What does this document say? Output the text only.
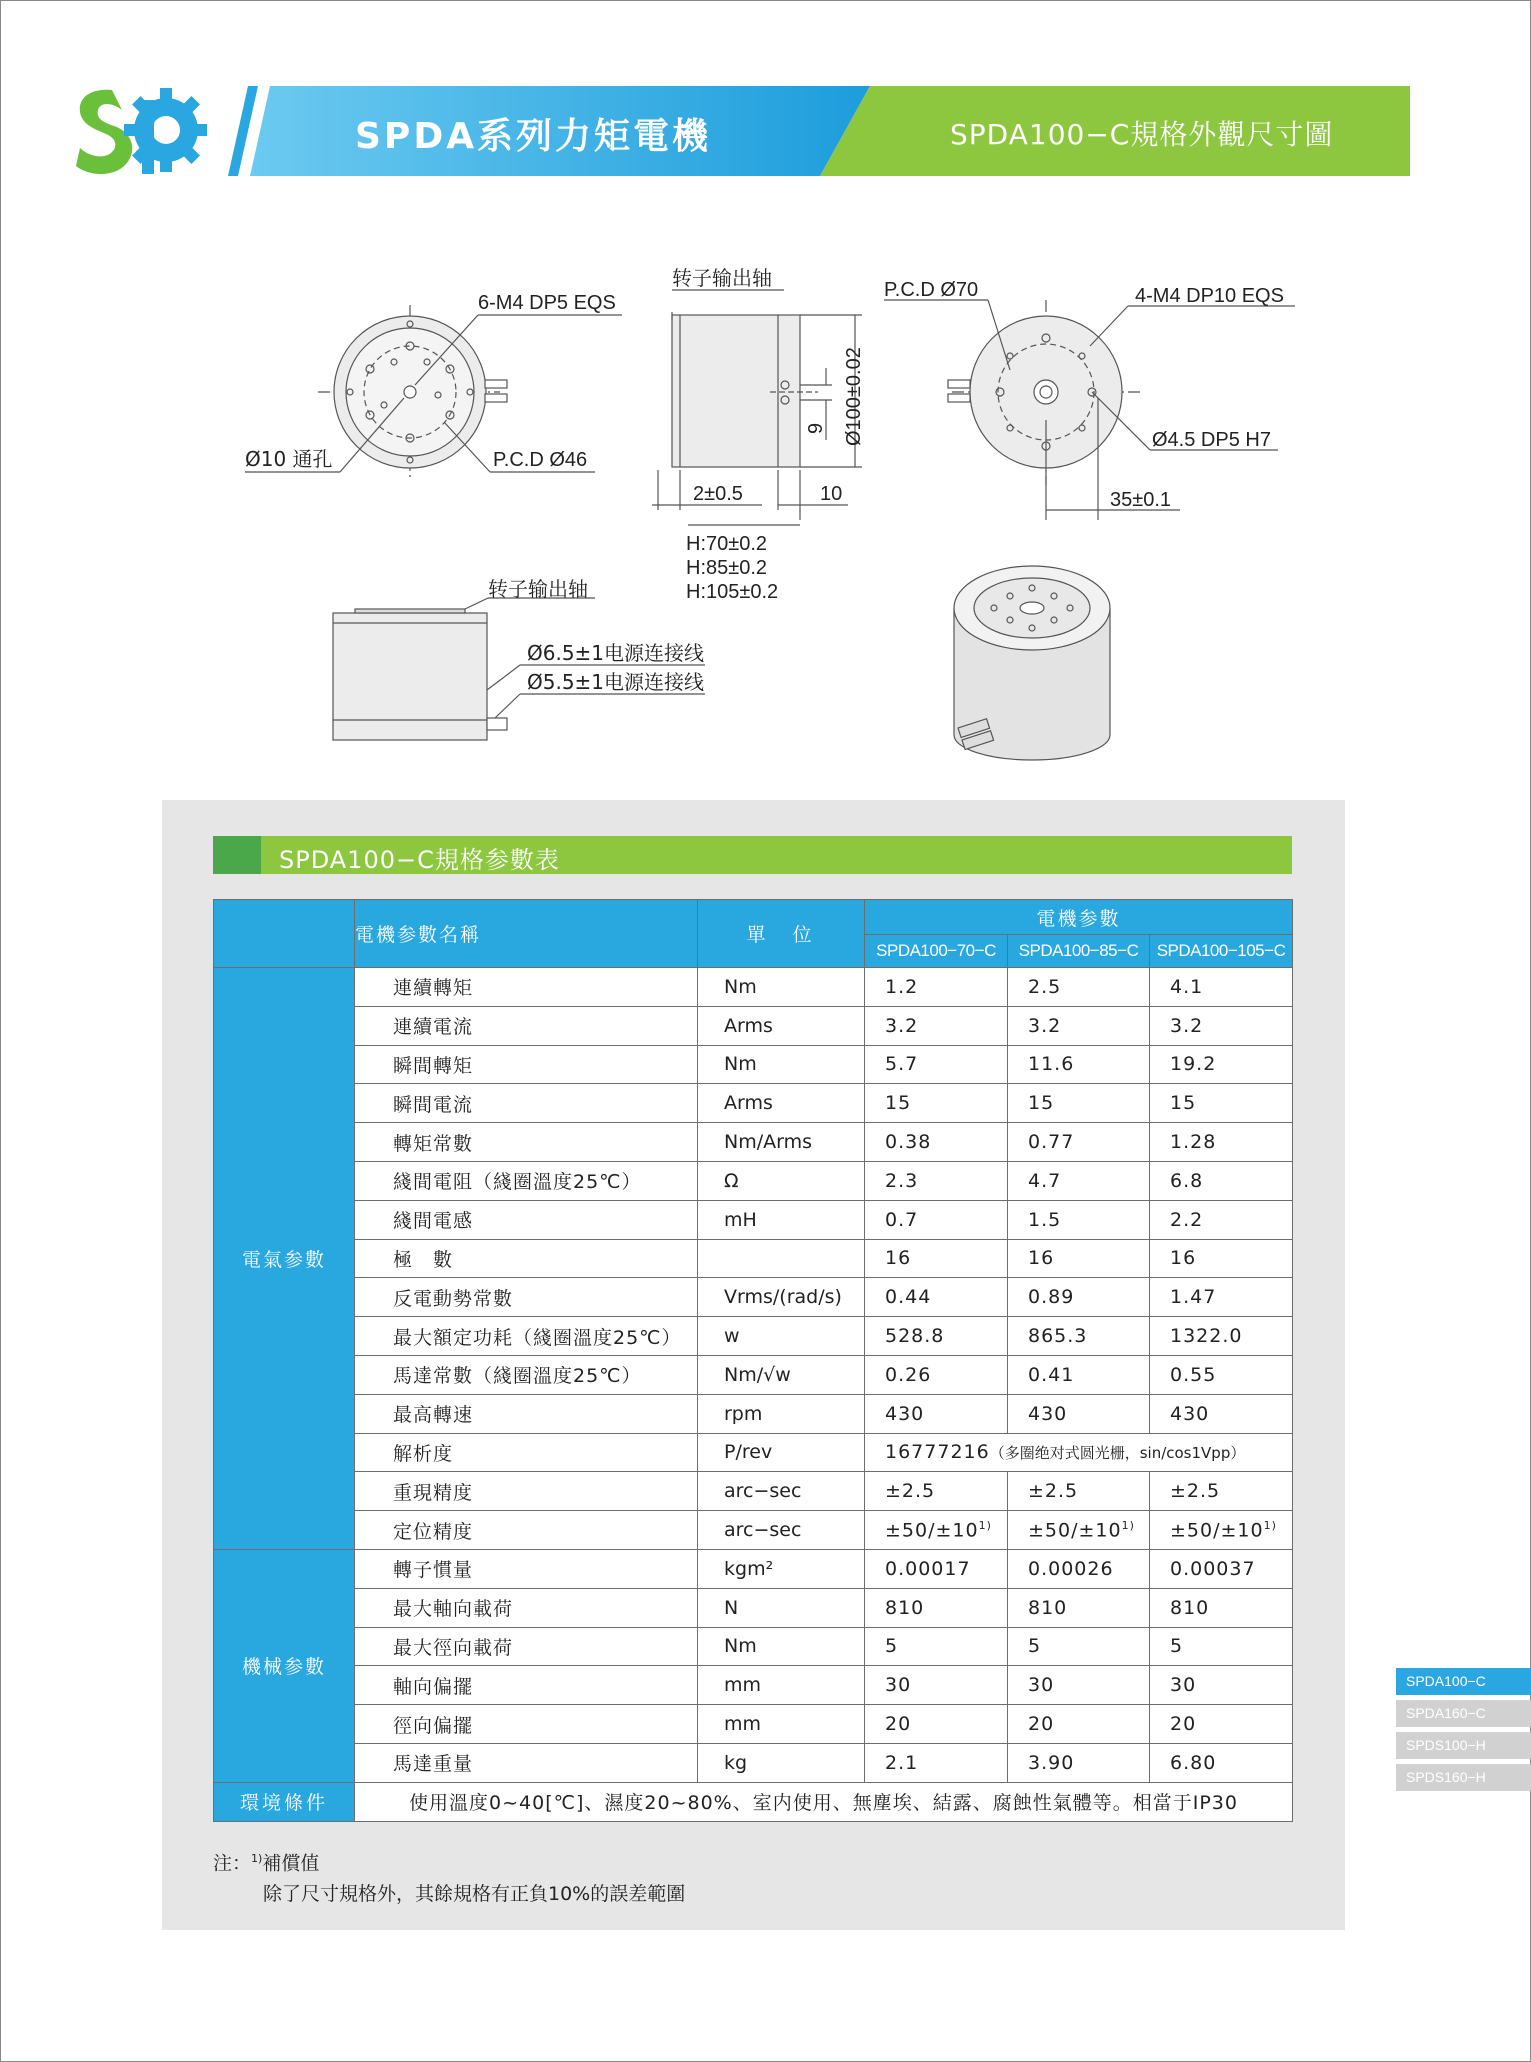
SPDA系列力矩電機	SPDA100−C規格外觀尺寸圖
6-M4 DP5 EQS
Ø10 通孔	P.C.D Ø46
转子输出轴
Ø100±0.02
9
2±0.5	10
H:70±0.2
H:85±0.2
H:105±0.2
P.C.D Ø70	4-M4 DP10 EQS
Ø4.5 DP5 H7
35±0.1
转子输出轴
Ø6.5±1电源连接线
Ø5.5±1电源连接线
SPDA100−C規格参數表
	電機参數名稱	單　位	電機参數		
			SPDA100−70−C	SPDA100−85−C	SPDA100−105−C
電氣参數	連續轉矩	Nm	1.2	2.5	4.1
	連續電流	Arms	3.2	3.2	3.2
	瞬間轉矩	Nm	5.7	11.6	19.2
	瞬間電流	Arms	15	15	15
	轉矩常數	Nm/Arms	0.38	0.77	1.28
	綫間電阻（綫圈溫度25℃）	Ω	2.3	4.7	6.8
	綫間電感	mH	0.7	1.5	2.2
	極　數		16	16	16
	反電動勢常數	Vrms/(rad/s)	0.44	0.89	1.47
	最大額定功耗（綫圈溫度25℃）	w	528.8	865.3	1322.0
	馬達常數（綫圈溫度25℃）	Nm/√w	0.26	0.41	0.55
	最高轉速	rpm	430	430	430
	解析度	P/rev	16777216（多圈绝对式圆光栅，sin/cos1Vpp）		
	重現精度	arc−sec	±2.5	±2.5	±2.5
	定位精度	arc−sec	$\pm 50/\pm 10^{1)}$	$\pm 50/\pm 10^{1)}$	$\pm 50/\pm 10^{1)}$
機械参數	轉子慣量	kgm²	0.00017	0.00026	0.00037
	最大軸向載荷	N	810	810	810
	最大徑向載荷	Nm	5	5	5
	軸向偏擺	mm	30	30	30
	徑向偏擺	mm	20	20	20
	馬達重量	kg	2.1	3.90	6.80
環境條件	使用溫度0~40[℃]、濕度20~80%、室内使用、無塵埃、結露、腐蝕性氣體等。相當于IP30				
注：$^{1)}$補償值
除了尺寸規格外，其餘規格有正負10%的誤差範圍
SPDA100−C
SPDA160−C
SPDS100−H
SPDS160−H
